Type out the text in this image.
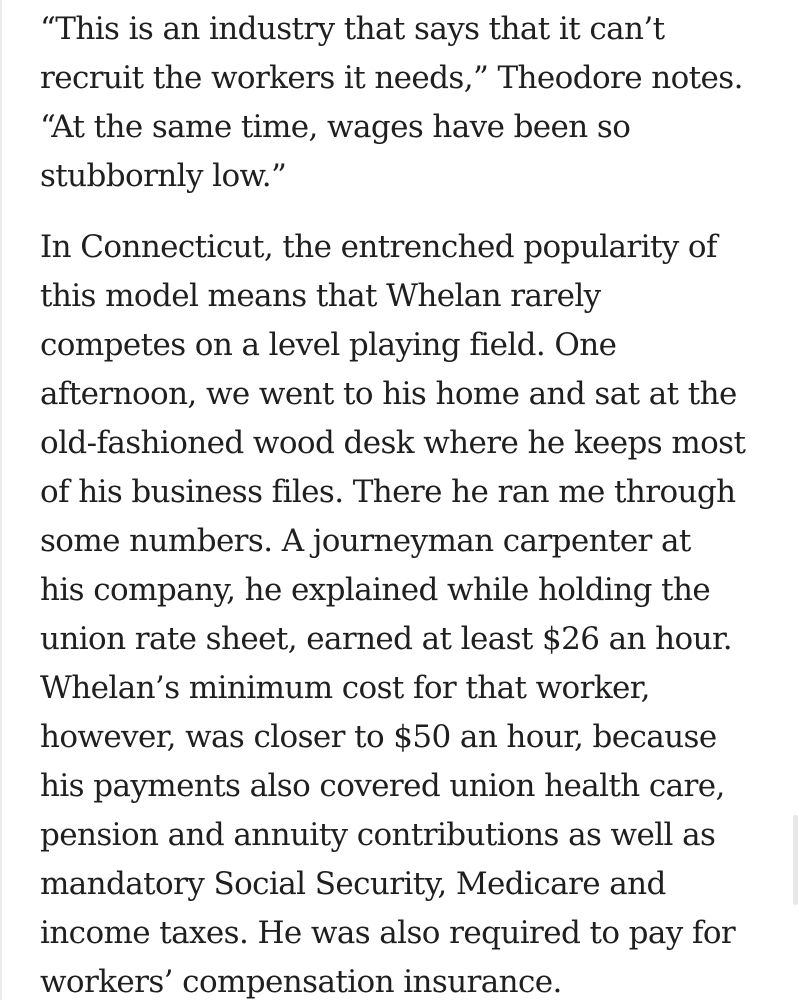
“This is an industry that says that it can’t
recruit the workers it needs,” Theodore notes.
“At the same time, wages have been so
stubbornly low.”

In Connecticut, the entrenched popularity of
this model means that Whelan rarely
competes on a level playing field. One
afternoon, we went to his home and sat at the
old-fashioned wood desk where he keeps most
of his business files. There he ran me through
some numbers. A journeyman carpenter at
his company, he explained while holding the
union rate sheet, earned at least $26 an hour.
Whelan’s minimum cost for that worker,
however, was closer to $50 an hour, because
his payments also covered union health care,
pension and annuity contributions as well as
mandatory Social Security, Medicare and
income taxes. He was also required to pay for
workers’ compensation insurance.
